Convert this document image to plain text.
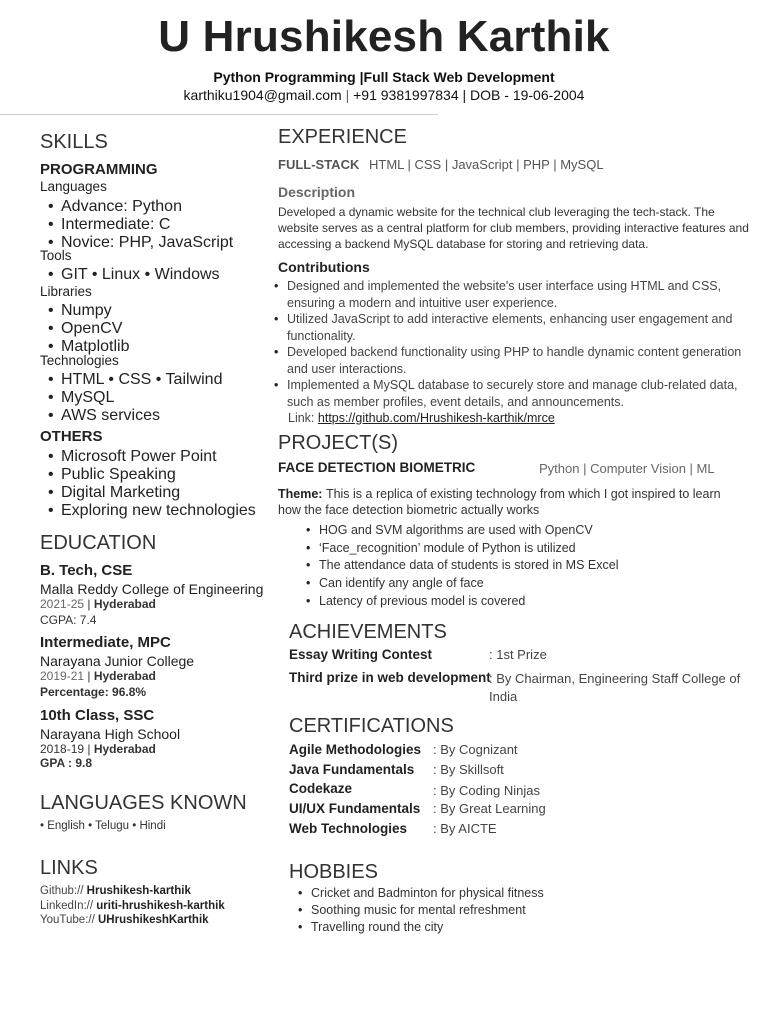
U Hrushikesh Karthik
Python Programming |Full Stack Web Development
karthiku1904@gmail.com | +91 9381997834 | DOB - 19-06-2004
SKILLS
PROGRAMMING
Languages
• Advance: Python
• Intermediate: C
• Novice: PHP, JavaScript
Tools
• GIT • Linux • Windows
Libraries
• Numpy
• OpenCV
• Matplotlib
Technologies
• HTML • CSS • Tailwind
• MySQL
• AWS services
OTHERS
• Microsoft Power Point
• Public Speaking
• Digital Marketing
• Exploring new technologies
EDUCATION
B. Tech, CSE
Malla Reddy College of Engineering
2021-25 | Hyderabad
CGPA: 7.4
Intermediate, MPC
Narayana Junior College
2019-21 | Hyderabad
Percentage: 96.8%
10th Class, SSC
Narayana High School
2018-19 | Hyderabad
GPA : 9.8
LANGUAGES KNOWN
• English • Telugu • Hindi
LINKS
Github:// Hrushikesh-karthik
LinkedIn:// uriti-hrushikesh-karthik
YouTube:// UHrushikeshKarthik
EXPERIENCE
FULL-STACK HTML | CSS | JavaScript | PHP | MySQL
Description
Developed a dynamic website for the technical club leveraging the tech-stack. The website serves as a central platform for club members, providing interactive features and accessing a backend MySQL database for storing and retrieving data.
Contributions
• Designed and implemented the website's user interface using HTML and CSS, ensuring a modern and intuitive user experience.
• Utilized JavaScript to add interactive elements, enhancing user engagement and functionality.
• Developed backend functionality using PHP to handle dynamic content generation and user interactions.
• Implemented a MySQL database to securely store and manage club-related data, such as member profiles, event details, and announcements.
Link: https://github.com/Hrushikesh-karthik/mrce
PROJECT(S)
FACE DETECTION BIOMETRIC	Python | Computer Vision | ML
Theme: This is a replica of existing technology from which I got inspired to learn how the face detection biometric actually works
• HOG and SVM algorithms are used with OpenCV
• ‘Face_recognition’ module of Python is utilized
• The attendance data of students is stored in MS Excel
• Can identify any angle of face
• Latency of previous model is covered
ACHIEVEMENTS
Essay Writing Contest	: 1st Prize
Third prize in web development
: By Chairman, Engineering Staff College of India
CERTIFICATIONS
Agile Methodologies : By Cognizant
Java Fundamentals : By Skillsoft
Codekaze	: By Coding Ninjas
UI/UX Fundamentals : By Great Learning
Web Technologies : By AICTE
HOBBIES
• Cricket and Badminton for physical fitness
• Soothing music for mental refreshment
• Travelling round the city
